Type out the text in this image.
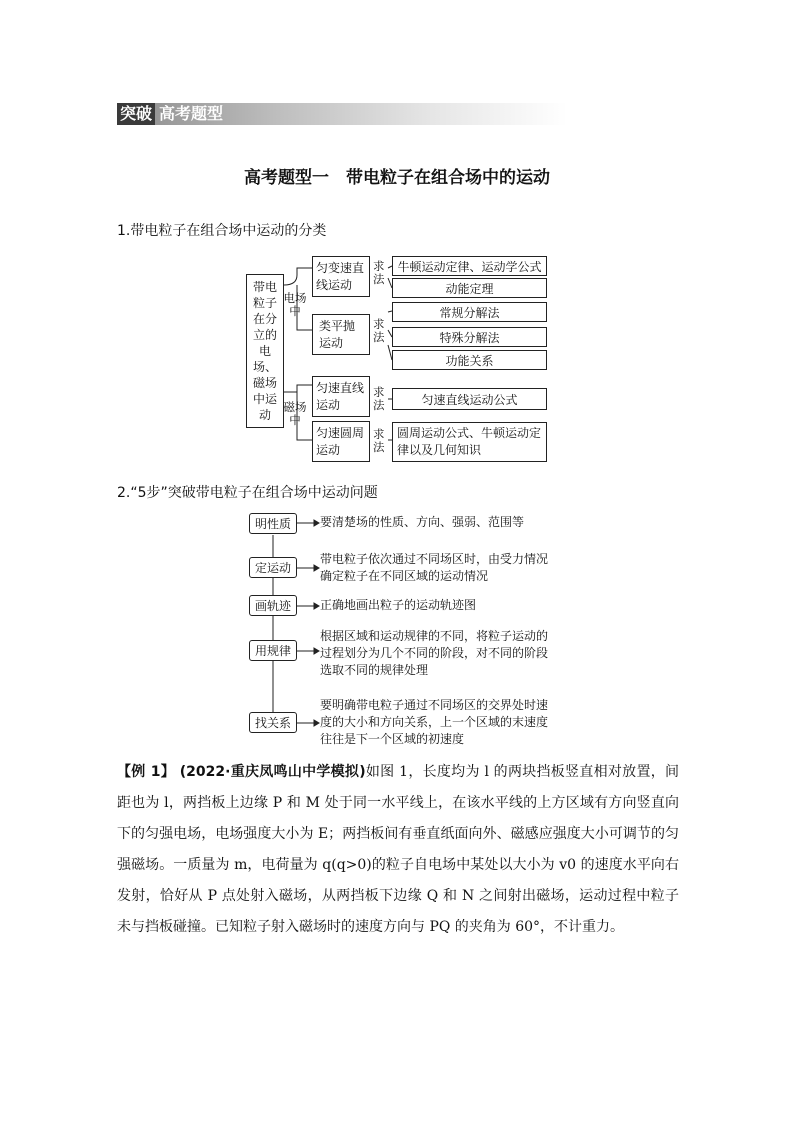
突破 高考题型
高考题型一　带电粒子在组合场中的运动
1.带电粒子在组合场中运动的分类
带电粒子在分立的电场、磁场中运动
电场中
磁场中
匀变速直线运动
类平抛运动
匀速直线运动
匀速圆周运动
求法
求法
求法
求法
牛顿运动定律、运动学公式
动能定理
常规分解法
特殊分解法
功能关系
匀速直线运动公式
圆周运动公式、牛顿运动定律以及几何知识
2.“5步”突破带电粒子在组合场中运动问题
明性质	要清楚场的性质、方向、强弱、范围等
定运动
带电粒子依次通过不同场区时，由受力情况确定粒子在不同区域的运动情况
画轨迹	正确地画出粒子的运动轨迹图
用规律
根据区域和运动规律的不同，将粒子运动的过程划分为几个不同的阶段，对不同的阶段选取不同的规律处理
找关系
要明确带电粒子通过不同场区的交界处时速度的大小和方向关系，上一个区域的末速度往往是下一个区域的初速度
【例 1】 (2022·重庆凤鸣山中学模拟)如图 1，长度均为 l 的两块挡板竖直相对放置，间距也为 l，两挡板上边缘 P 和 M 处于同一水平线上，在该水平线的上方区域有方向竖直向下的匀强电场，电场强度大小为 E；两挡板间有垂直纸面向外、磁感应强度大小可调节的匀强磁场。一质量为 m，电荷量为 q(q>0)的粒子自电场中某处以大小为 v0 的速度水平向右发射，恰好从 P 点处射入磁场，从两挡板下边缘 Q 和 N 之间射出磁场，运动过程中粒子未与挡板碰撞。已知粒子射入磁场时的速度方向与 PQ 的夹角为 60°，不计重力。
